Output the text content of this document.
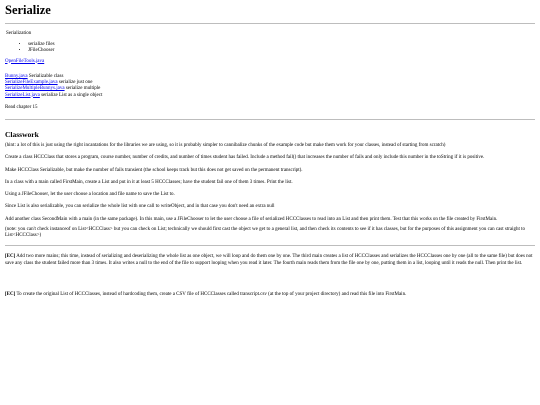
Serialize

Serialization

• serialize files
• JFileChooser

OpenFileTools.java

Bunny.java Serializable class

SerializeFileExample.java serialize just one

SerializeMultipleBunnys.java serialize multiple

SerializeList.java serialize List as a single object

Read chapter 15

Classwork

(hint: a lot of this is just using the right incantations for the libraries we are using, so it is probably simpler to cannibalize chunks of the example code but make them work for your classes, instead of starting from scratch)

Create a class HCCClass that stores a program, course number, number of credits, and number of times student has failed. Include a method fail() that increases the number of fails and only include this number in the toString if it is positive.

Make HCCClass Serializable, but make the number of fails transient (the school keeps track but this does not get saved on the permanent transcript).

In a class with a main called FirstMain, create a List and put in it at least 5 HCCClasses; have the student fail one of them 3 times. Print the list.

Using a JFileChooser, let the user choose a location and file name to save the List to.

Since List is also serializable, you can serialize the whole list with one call to writeObject, and in that case you don't need an extra null

Add another class SecondMain with a main (in the same package). In this main, use a JFileChooser to let the user choose a file of serialized HCCClasses to read into an List and then print them. Test that this works on the file created by FirstMain.

(note: you can't check instanceof on List<HCCClass> but you can check on List; technically we should first cast the object we get to a general list, and then check its contents to see if it has classes, but for the purposes of this assignment you can cast straight to List<HCCClass>)

[EC] Add two more mains; this time, instead of serializing and deserializing the whole list as one object, we will loop and do them one by one. The third main creates a list of HCCClasses and serializes the HCCClasses one by one (all to the same file) but does not save any class the student failed more than 3 times. It also writes a null to the end of the file to support looping when you read it later. The fourth main reads them from the file one by one, putting them in a list, looping until it reads the null. Then print the list.

[EC] To create the original List of HCCClasses, instead of hardcoding them, create a CSV file of HCCClasses called transcript.csv (at the top of your project directory) and read this file into FirstMain.
